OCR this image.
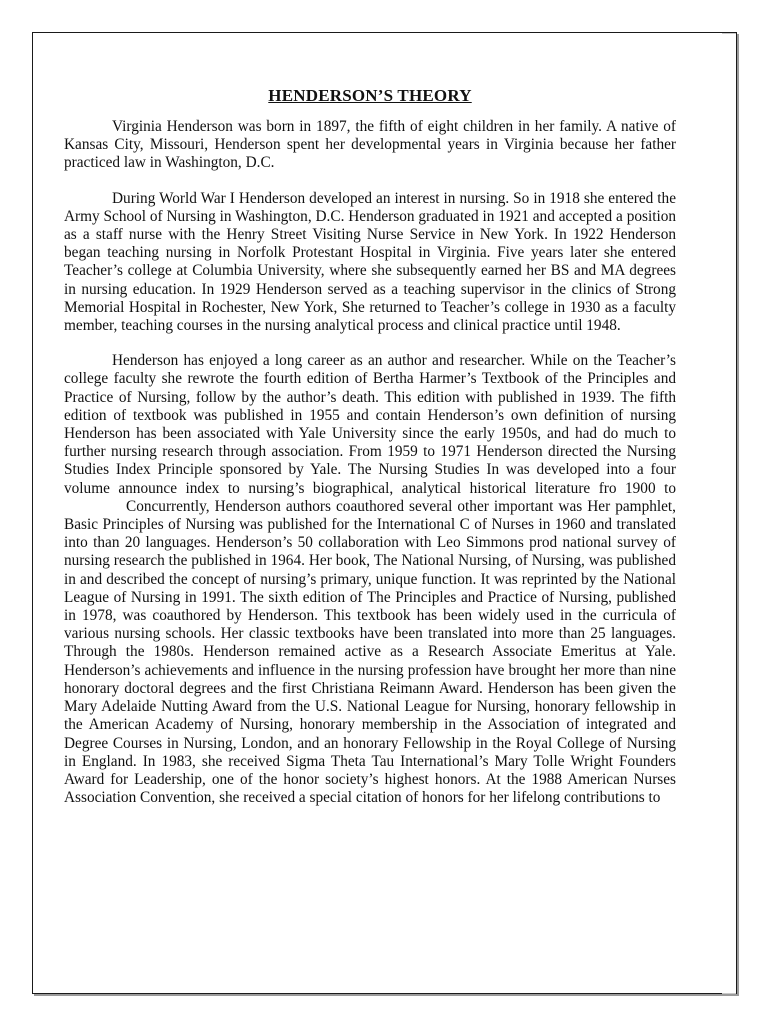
HENDERSON’S THEORY

Virginia Henderson was born in 1897, the fifth of eight children in her family. A native of Kansas City, Missouri, Henderson spent her developmental years in Virginia because her father practiced law in Washington, D.C.

During World War I Henderson developed an interest in nursing. So in 1918 she entered the Army School of Nursing in Washington, D.C. Henderson graduated in 1921 and accepted a position as a staff nurse with the Henry Street Visiting Nurse Service in New York. In 1922 Henderson began teaching nursing in Norfolk Protestant Hospital in Virginia. Five years later she entered Teacher’s college at Columbia University, where she subsequently earned her BS and MA degrees in nursing education. In 1929 Henderson served as a teaching supervisor in the clinics of Strong Memorial Hospital in Rochester, New York, She returned to Teacher’s college in 1930 as a faculty member, teaching courses in the nursing analytical process and clinical practice until 1948.

Henderson has enjoyed a long career as an author and researcher. While on the Teacher’s college faculty she rewrote the fourth edition of Bertha Harmer’s Textbook of the Principles and Practice of Nursing, follow by the author’s death. This edition with published in 1939. The fifth edition of textbook was published in 1955 and contain Henderson’s own definition of nursing Henderson has been associated with Yale University since the early 1950s, and had do much to further nursing research through association. From 1959 to 1971 Henderson directed the Nursing Studies Index Principle sponsored by Yale. The Nursing Studies In was developed into a four volume announce index to nursing’s biographical, analytical historical literature fro 1900 toConcurrently, Henderson authors coauthored several other important was Her pamphlet, Basic Principles of Nursing was published for the International C of Nurses in 1960 and translated into than 20 languages. Henderson’s 50 collaboration with Leo Simmons prod national survey of nursing research the published in 1964. Her book, The National Nursing, of Nursing, was published in and described the concept of nursing’s primary, unique function. It was reprinted by the National League of Nursing in 1991. The sixth edition of The Principles and Practice of Nursing, published in 1978, was coauthored by Henderson. This textbook has been widely used in the curricula of various nursing schools. Her classic textbooks have been translated into more than 25 languages. Through the 1980s. Henderson remained active as a Research Associate Emeritus at Yale. Henderson’s achievements and influence in the nursing profession have brought her more than nine honorary doctoral degrees and the first Christiana Reimann Award. Henderson has been given the Mary Adelaide Nutting Award from the U.S. National League for Nursing, honorary fellowship in the American Academy of Nursing, honorary membership in the Association of integrated and Degree Courses in Nursing, London, and an honorary Fellowship in the Royal College of Nursing in England. In 1983, she received Sigma Theta Tau International’s Mary Tolle Wright Founders Award for Leadership, one of the honor society’s highest honors. At the 1988 American Nurses Association Convention, she received a special citation of honors for her lifelong contributions to
